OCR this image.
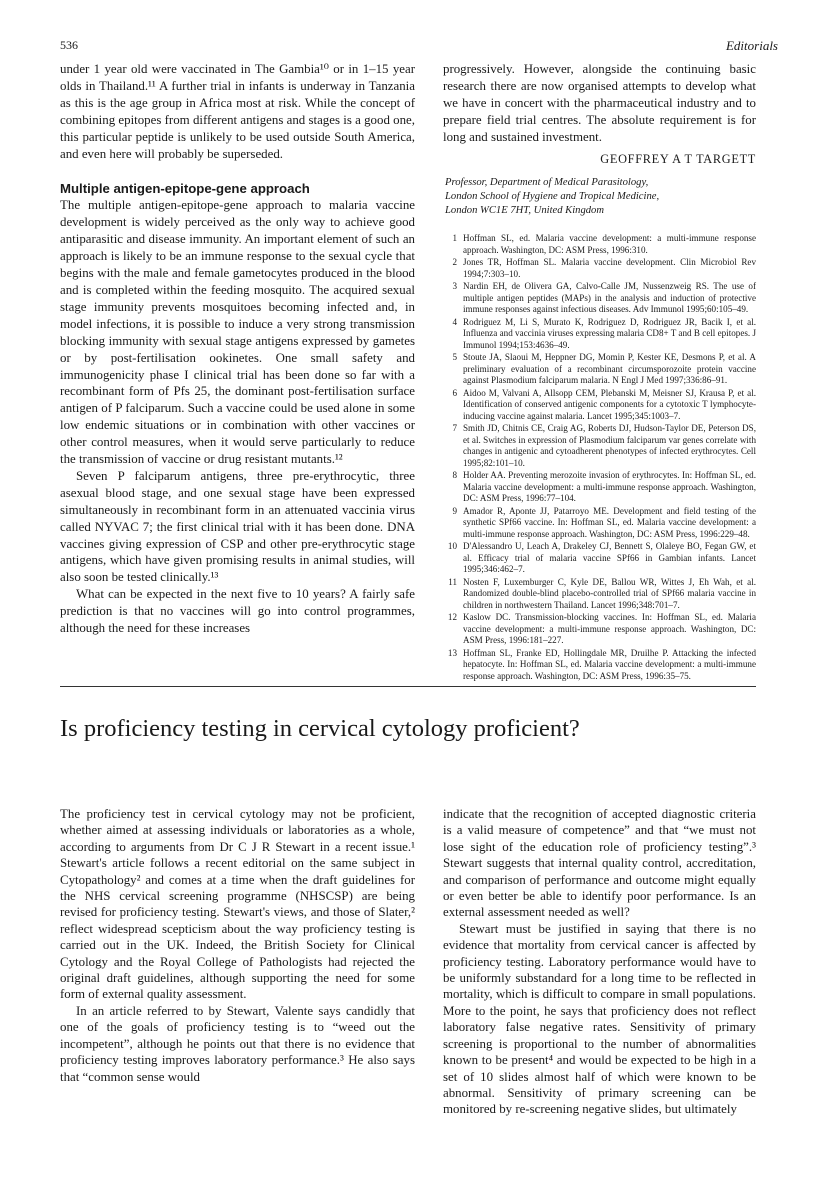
536	Editorials

under 1 year old were vaccinated in The Gambia¹⁰ or in 1–15 year olds in Thailand.¹¹ A further trial in infants is underway in Tanzania as this is the age group in Africa most at risk. While the concept of combining epitopes from different antigens and stages is a good one, this particular peptide is unlikely to be used outside South America, and even here will probably be superseded.

Multiple antigen-epitope-gene approach

The multiple antigen-epitope-gene approach to malaria vaccine development is widely perceived as the only way to achieve good antiparasitic and disease immunity. An important element of such an approach is likely to be an immune response to the sexual cycle that begins with the male and female gametocytes produced in the blood and is completed within the feeding mosquito. The acquired sexual stage immunity prevents mosquitoes becoming infected and, in model infections, it is possible to induce a very strong transmission blocking immunity with sexual stage antigens expressed by gametes or by post-fertilisation ookinetes. One small safety and immunogenicity phase I clinical trial has been done so far with a recombinant form of Pfs 25, the dominant post-fertilisation surface antigen of P falciparum. Such a vaccine could be used alone in some low endemic situations or in combination with other vaccines or other control measures, when it would serve particularly to reduce the transmission of vaccine or drug resistant mutants.¹²

Seven P falciparum antigens, three pre-erythrocytic, three asexual blood stage, and one sexual stage have been expressed simultaneously in recombinant form in an attenuated vaccinia virus called NYVAC 7; the first clinical trial with it has been done. DNA vaccines giving expression of CSP and other pre-erythrocytic stage antigens, which have given promising results in animal studies, will also soon be tested clinically.¹³

What can be expected in the next five to 10 years? A fairly safe prediction is that no vaccines will go into control programmes, although the need for these increases

progressively. However, alongside the continuing basic research there are now organised attempts to develop what we have in concert with the pharmaceutical industry and to prepare field trial centres. The absolute requirement is for long and sustained investment.

GEOFFREY A T TARGETT

Professor, Department of Medical Parasitology,
London School of Hygiene and Tropical Medicine,
London WC1E 7HT, United Kingdom
1 Hoffman SL, ed. Malaria vaccine development: a multi-immune response approach. Washington, DC: ASM Press, 1996:310.
2 Jones TR, Hoffman SL. Malaria vaccine development. Clin Microbiol Rev 1994;7:303–10.
3 Nardin EH, de Olivera GA, Calvo-Calle JM, Nussenzweig RS. The use of multiple antigen peptides (MAPs) in the analysis and induction of protective immune responses against infectious diseases. Adv Immunol 1995;60:105–49.
4 Rodriguez M, Li S, Murato K, Rodriguez D, Rodriguez JR, Bacik I, et al. Influenza and vaccinia viruses expressing malaria CD8+ T and B cell epitopes. J Immunol 1994;153:4636–49.
5 Stoute JA, Slaoui M, Heppner DG, Momin P, Kester KE, Desmons P, et al. A preliminary evaluation of a recombinant circumsporozoite protein vaccine against Plasmodium falciparum malaria. N Engl J Med 1997;336:86–91.
6 Aidoo M, Valvani A, Allsopp CEM, Plebanski M, Meisner SJ, Krausa P, et al. Identification of conserved antigenic components for a cytotoxic T lymphocyte-inducing vaccine against malaria. Lancet 1995;345:1003–7.
7 Smith JD, Chitnis CE, Craig AG, Roberts DJ, Hudson-Taylor DE, Peterson DS, et al. Switches in expression of Plasmodium falciparum var genes correlate with changes in antigenic and cytoadherent phenotypes of infected erythrocytes. Cell 1995;82:101–10.
8 Holder AA. Preventing merozoite invasion of erythrocytes. In: Hoffman SL, ed. Malaria vaccine development: a multi-immune response approach. Washington, DC: ASM Press, 1996:77–104.
9 Amador R, Aponte JJ, Patarroyo ME. Development and field testing of the synthetic SPf66 vaccine. In: Hoffman SL, ed. Malaria vaccine development: a multi-immune response approach. Washington, DC: ASM Press, 1996:229–48.
10 D'Alessandro U, Leach A, Drakeley CJ, Bennett S, Olaleye BO, Fegan GW, et al. Efficacy trial of malaria vaccine SPf66 in Gambian infants. Lancet 1995;346:462–7.
11 Nosten F, Luxemburger C, Kyle DE, Ballou WR, Wittes J, Eh Wah, et al. Randomized double-blind placebo-controlled trial of SPf66 malaria vaccine in children in northwestern Thailand. Lancet 1996;348:701–7.
12 Kaslow DC. Transmission-blocking vaccines. In: Hoffman SL, ed. Malaria vaccine development: a multi-immune response approach. Washington, DC: ASM Press, 1996:181–227.
13 Hoffman SL, Franke ED, Hollingdale MR, Druilhe P. Attacking the infected hepatocyte. In: Hoffman SL, ed. Malaria vaccine development: a multi-immune response approach. Washington, DC: ASM Press, 1996:35–75.
Is proficiency testing in cervical cytology proficient?

The proficiency test in cervical cytology may not be proficient, whether aimed at assessing individuals or laboratories as a whole, according to arguments from Dr C J R Stewart in a recent issue.¹ Stewart's article follows a recent editorial on the same subject in Cytopathology² and comes at a time when the draft guidelines for the NHS cervical screening programme (NHSCSP) are being revised for proficiency testing. Stewart's views, and those of Slater,² reflect widespread scepticism about the way proficiency testing is carried out in the UK. Indeed, the British Society for Clinical Cytology and the Royal College of Pathologists had rejected the original draft guidelines, although supporting the need for some form of external quality assessment.

In an article referred to by Stewart, Valente says candidly that one of the goals of proficiency testing is to “weed out the incompetent”, although he points out that there is no evidence that proficiency testing improves laboratory performance.³ He also says that “common sense would

indicate that the recognition of accepted diagnostic criteria is a valid measure of competence” and that “we must not lose sight of the education role of proficiency testing”.³ Stewart suggests that internal quality control, accreditation, and comparison of performance and outcome might equally or even better be able to identify poor performance. Is an external assessment needed as well?

Stewart must be justified in saying that there is no evidence that mortality from cervical cancer is affected by proficiency testing. Laboratory performance would have to be uniformly substandard for a long time to be reflected in mortality, which is difficult to compare in small populations. More to the point, he says that proficiency does not reflect laboratory false negative rates. Sensitivity of primary screening is proportional to the number of abnormalities known to be present⁴ and would be expected to be high in a set of 10 slides almost half of which were known to be abnormal. Sensitivity of primary screening can be monitored by re-screening negative slides, but ultimately
